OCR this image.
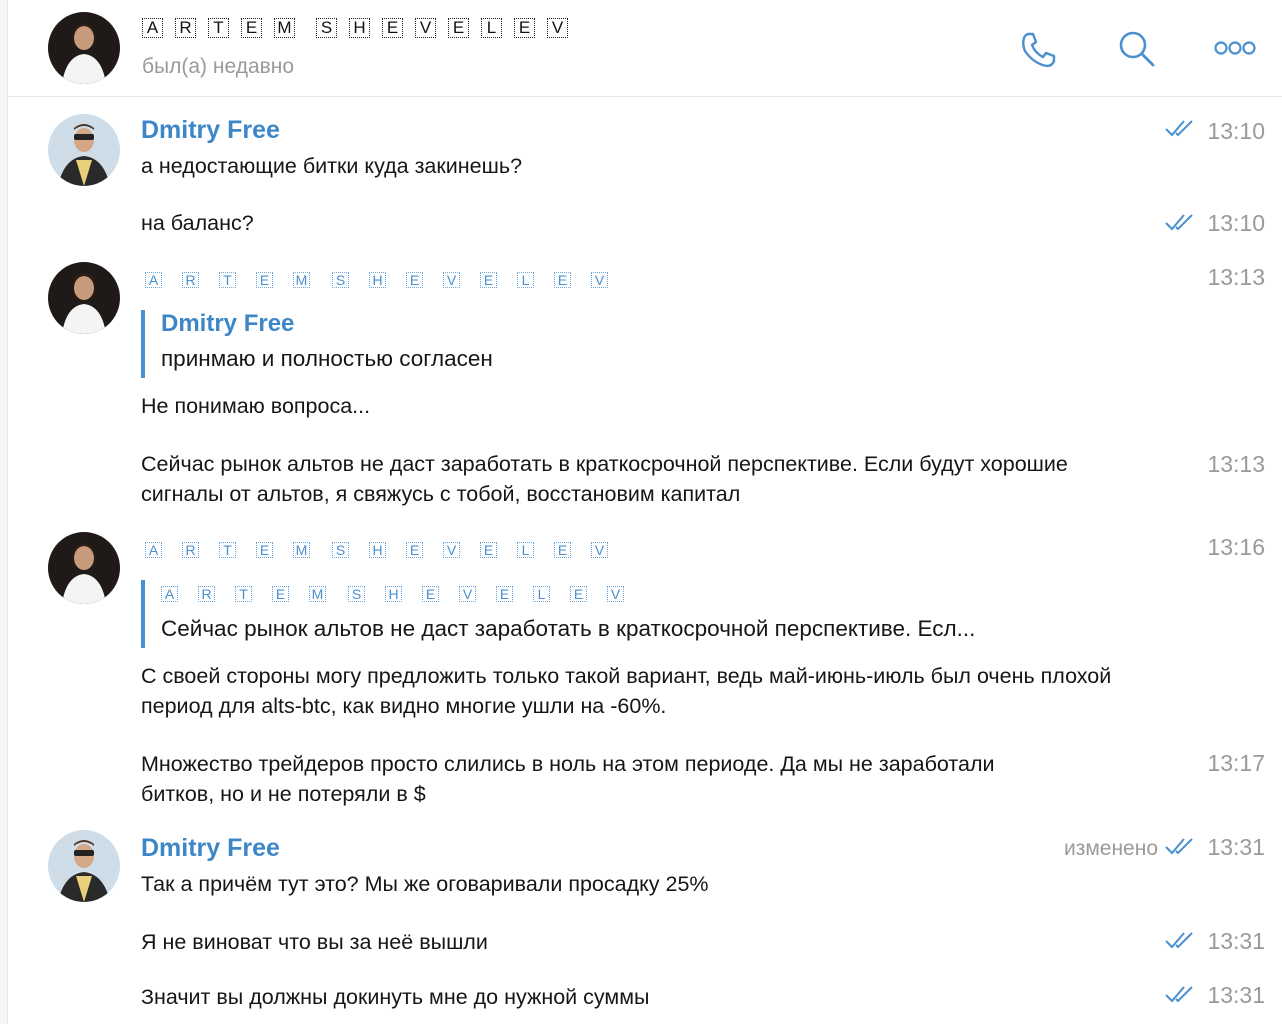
A R	T	E M S H E V E	L	E V
был(а) недавно
Dmitry Free	13:10
а недостающие битки куда закинешь?
13:10
на баланс?
A R	T	E M S H E V E	L	E V	13:13
Dmitry Free
принмаю и полностью согласен
Не понимаю вопроса...
13:13
Сейчас рынок альтов не даст заработать в краткосрочной перспективе. Если будут хорошие сигналы от альтов, я свяжусь с тобой, восстановим капитал
A R	T	E M S H E V E	L	E V	13:16
A R	T	E M S H E V E	L	E V
Сейчас рынок альтов не даст заработать в краткосрочной перспективе. Есл...
С своей стороны могу предложить только такой вариант, ведь май-июнь-июль был очень плохой период для alts-btc, как видно многие ушли на -60%.
13:17
Множество трейдеров просто слились в ноль на этом периоде. Да мы не заработали битков, но и не потеряли в $
Dmitry Free	изменено 13:31
Так а причём тут это? Мы же оговаривали просадку 25%
13:31
Я не виноват что вы за неё вышли
13:31
Значит вы должны докинуть мне до нужной суммы
